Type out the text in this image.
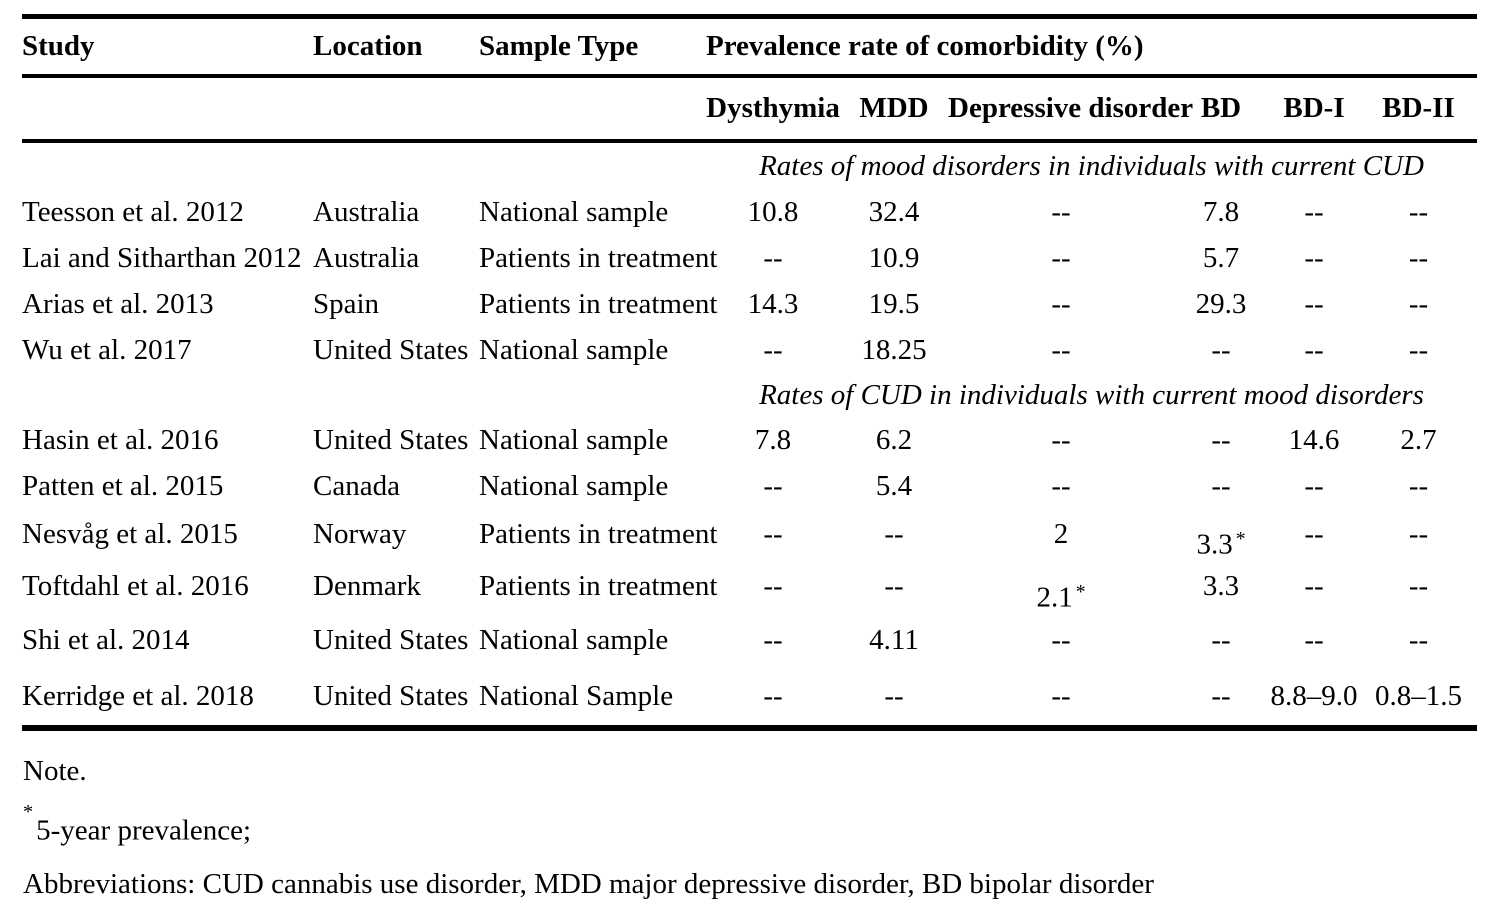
Study	Location	Sample Type	Prevalence rate of comorbidity (%)					
			Dysthymia	MDD	Depressive disorder	BD	BD-I	BD-II
			Rates of mood disorders in individuals with current CUD					
Teesson et al. 2012	Australia	National sample	10.8	32.4	--	7.8	--	--
Lai and Sitharthan 2012	Australia	Patients in treatment	--	10.9	--	5.7	--	--
Arias et al. 2013	Spain	Patients in treatment	14.3	19.5	--	29.3	--	--
Wu et al. 2017	United States	National sample	--	18.25	--	--	--	--
			Rates of CUD in individuals with current mood disorders					
Hasin et al. 2016	United States	National sample	7.8	6.2	--	--	14.6	2.7
Patten et al. 2015	Canada	National sample	--	5.4	--	--	--	--
Nesvåg et al. 2015	Norway	Patients in treatment	--	--	2	3.3 *	--	--
Toftdahl et al. 2016	Denmark	Patients in treatment	--	--	2.1 *	3.3	--	--
Shi et al. 2014	United States	National sample	--	4.11	--	--	--	--
Kerridge et al. 2018	United States	National Sample	--	--	--	--	8.8–9.0	0.8–1.5

Note.

*5-year prevalence;

Abbreviations: CUD cannabis use disorder, MDD major depressive disorder, BD bipolar disorder
